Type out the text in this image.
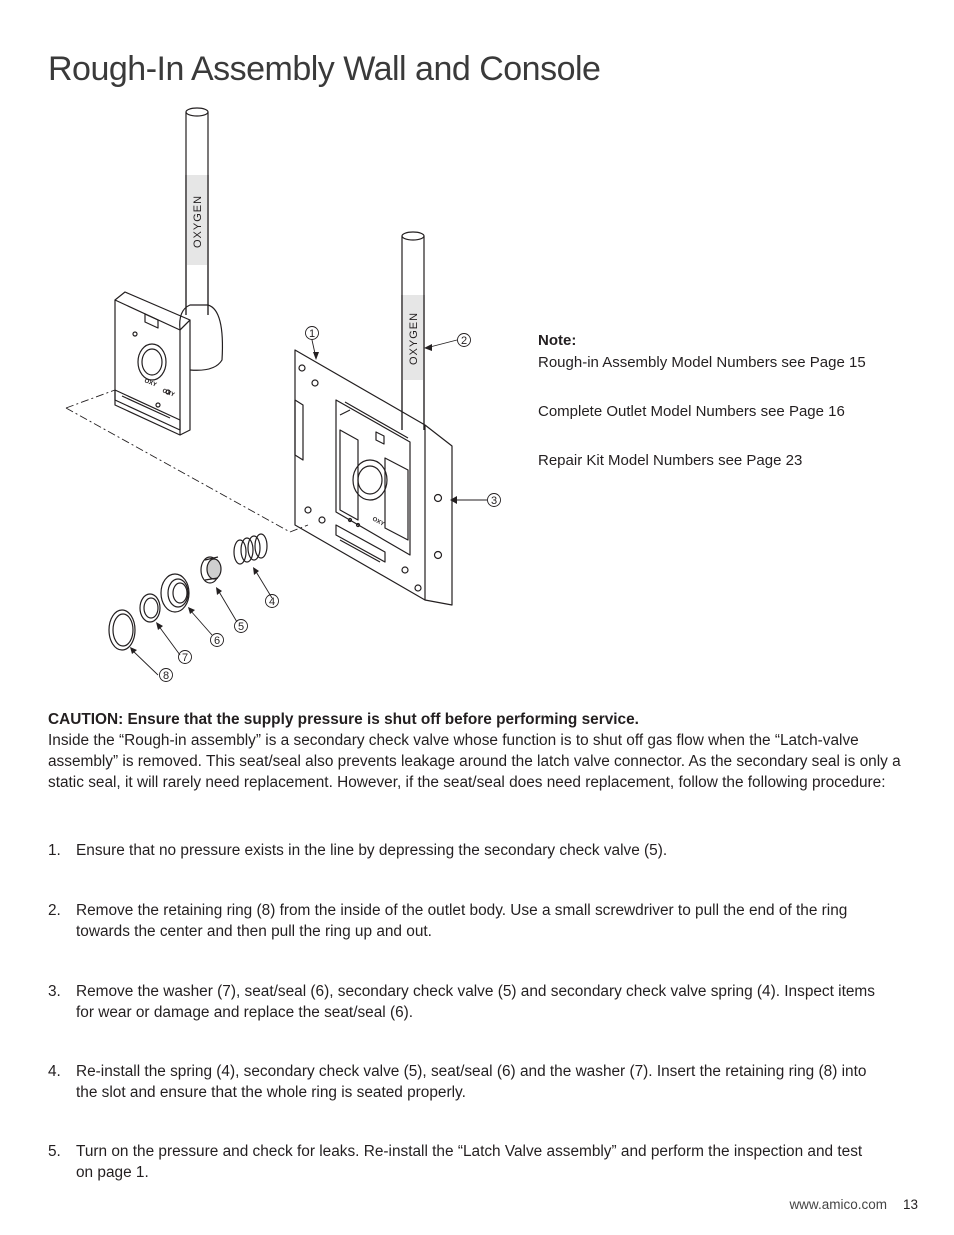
Rough-In Assembly Wall and Console
OXYGEN
OXYGEN
OXY
OXY
OXY
1
2
3
4
5
6
7
8
Note:

Rough-in Assembly Model Numbers see Page 15

Complete Outlet Model Numbers see Page 16

Repair Kit Model Numbers see Page 23

CAUTION: Ensure that the supply pressure is shut off before performing service.
Inside the “Rough-in assembly” is a secondary check valve whose function is to shut off gas flow when the “Latch-valve assembly” is removed. This seat/seal also prevents leakage around the latch valve connector. As the secondary seal is only a static seal, it will rarely need replacement. However, if the seat/seal does need replacement, follow the following procedure:
1. Ensure that no pressure exists in the line by depressing the secondary check valve (5).
2. Remove the retaining ring (8) from the inside of the outlet body. Use a small screwdriver to pull the end of the ring towards the center and then pull the ring up and out.
3. Remove the washer (7), seat/seal (6), secondary check valve (5) and secondary check valve spring (4). Inspect items for wear or damage and replace the seat/seal (6).
4. Re-install the spring (4), secondary check valve (5), seat/seal (6) and the washer (7). Insert the retaining ring (8) into the slot and ensure that the whole ring is seated properly.
5. Turn on the pressure and check for leaks. Re-install the “Latch Valve assembly” and perform the inspection and test on page 1.
www.amico.com 13
